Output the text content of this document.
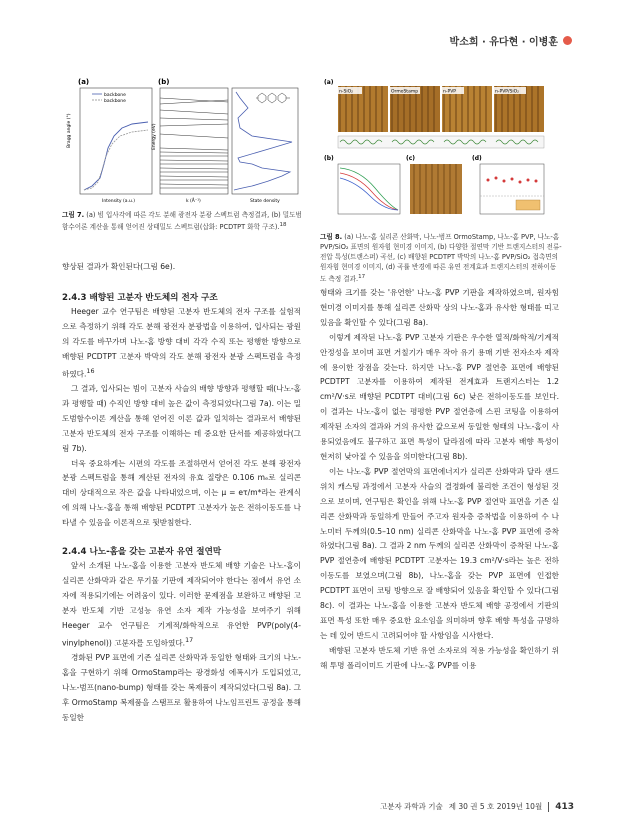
박소희 · 유다현 · 이병훈
(a)	(b)
backbone
backbone
Bragg angle (°)
Intensity (a.u.)
Energy (eV)
k (Å⁻¹)	State density
그림 7. (a) 빔 입사각에 따른 각도 분해 광전자 분광 스펙트럼 측정결과, (b) 밀도범함수이론 계산을 통해 얻어진 상태밀도 스펙트럼(삽화: PCDTPT 화학 구조).$^{18}$
(a)
n-SiO₂	OrmoStamp	n-PVP	n-PVP/SiO₂
(b)	(c)	(d)
그림 8. (a) 나노-홈 실리콘 산화막, 나노-범프 OrmoStamp, 나노-홈 PVP, 나노-홈 PVP/SiO₂ 표면의 원자힘 현미경 이미지, (b) 다양한 절연막 기반 트랜지스터의 전류-전압 특성(트랜스퍼) 곡선, (c) 배향된 PCDTPT 박막의 나노-홈 PVP/SiO₂ 접촉면의 원자힘 현미경 이미지, (d) 곡률 반경에 따른 유연 전계효과 트랜지스터의 전하이동도 측정 결과.$^{17}$

향상된 결과가 확인된다(그림 6e).

2.4.3 배향된 고분자 반도체의 전자 구조

Heeger 교수 연구팀은 배향된 고분자 반도체의 전자 구조를 실험적으로 측정하기 위해 각도 분해 광전자 분광법을 이용하여, 입사되는 광원의 각도를 바꾸가며 나노-홈 방향 대비 각각 수직 또는 평행한 방향으로 배향된 PCDTPT 고분자 박막의 각도 분해 광전자 분광 스펙트럼을 측정하였다.$^{16}$

그 결과, 입사되는 빔이 고분자 사슬의 배향 방향과 평행할 때(나노-홈과 평행할 때) 수직인 방향 대비 높은 값이 측정되었다(그림 7a). 이는 밀도범함수이론 계산을 통해 얻어진 이론 값과 일치하는 결과로서 배향된 고분자 반도체의 전자 구조를 이해하는 데 중요한 단서를 제공하였다(그림 7b).

더욱 중요하게는 시편의 각도를 조절하면서 얻어진 각도 분해 광전자 분광 스펙트럼을 통해 계산된 전자의 유효 질량은 0.106 mₑ로 실리콘 대비 상대적으로 작은 값을 나타내었으며, 이는 μ = eτ/m*라는 관계식에 의해 나노-홈을 통해 배향된 PCDTPT 고분자가 높은 전하이동도를 나타낼 수 있음을 이론적으로 뒷받침한다.

2.4.4 나노-홈을 갖는 고분자 유연 절연막

앞서 소개된 나노-홈을 이용한 고분자 반도체 배향 기술은 나노-홈이 실리콘 산화막과 같은 무기물 기판에 제작되어야 한다는 점에서 유연 소자에 적용되기에는 어려움이 있다. 이러한 문제점을 보완하고 배향된 고분자 반도체 기반 고성능 유연 소자 제작 가능성을 보여주기 위해 Heeger 교수 연구팀은 기계적/화학적으로 유연한 PVP(poly(4-vinylphenol)) 고분자를 도입하였다.$^{17}$

경화된 PVP 표면에 기존 실리콘 산화막과 동일한 형태와 크기의 나노-홈을 구현하기 위해 OrmoStamp라는 광경화성 에폭시가 도입되었고, 나노-범프(nano-bump) 형태를 갖는 복제품이 제작되었다(그림 8a). 그 후 OrmoStamp 복제품을 스탬프로 활용하여 나노임프린트 공정을 통해 동일한

형태와 크기를 갖는 '유연한' 나노-홈 PVP 기판을 제작하였으며, 원자힘 현미경 이미지를 통해 실리콘 산화막 상의 나노-홈과 유사한 형태를 띠고 있음을 확인할 수 있다(그림 8a).

이렇게 제작된 나노-홈 PVP 고분자 기판은 우수한 열적/화학적/기계적 안정성을 보이며 표면 거칠기가 매우 작아 유기 용매 기반 전자소자 제작에 용이한 장점을 갖는다. 하지만 나노-홈 PVP 절연층 표면에 배향된 PCDTPT 고분자를 이용하여 제작된 전계효과 트랜지스터는 1.2 cm²/V·s로 배향된 PCDTPT 대비(그림 6c) 낮은 전하이동도를 보인다. 이 결과는 나노-홈이 없는 평평한 PVP 절연층에 스핀 코팅을 이용하여 제작된 소자의 결과와 거의 유사한 값으로써 동일한 형태의 나노-홈이 사용되었음에도 불구하고 표면 특성이 달라짐에 따라 고분자 배향 특성이 현저히 낮아질 수 있음을 의미한다(그림 8b).

이는 나노-홈 PVP 절연막의 표면에너지가 실리콘 산화막과 달라 샌드위치 캐스팅 과정에서 고분자 사슬의 결정화에 불리한 조건이 형성된 것으로 보이며, 연구팀은 확인을 위해 나노-홈 PVP 절연막 표면을 기존 실리콘 산화막과 동일하게 만들어 주고자 원자층 증착법을 이용하여 수 나노미터 두께의(0.5–10 nm) 실리콘 산화막을 나노-홈 PVP 표면에 증착하였다(그림 8a). 그 결과 2 nm 두께의 실리콘 산화막이 증착된 나노-홈 PVP 절연층에 배향된 PCDTPT 고분자는 19.3 cm²/V·s라는 높은 전하이동도를 보였으며(그림 8b), 나노-홈을 갖는 PVP 표면에 인접한 PCDTPT 표면이 코팅 방향으로 잘 배향되어 있음을 확인할 수 있다(그림 8c). 이 결과는 나노-홈을 이용한 고분자 반도체 배향 공정에서 기판의 표면 특성 또한 매우 중요한 요소임을 의미하며 향후 배향 특성을 규명하는 데 있어 반드시 고려되어야 할 사항임을 시사한다.

배향된 고분자 반도체 기반 유연 소자로의 적용 가능성을 확인하기 위해 투명 폴리이미드 기판에 나노-홈 PVP를 이용

고분자 과학과 기술 제 30 권 5 호 2019년 10월	413
